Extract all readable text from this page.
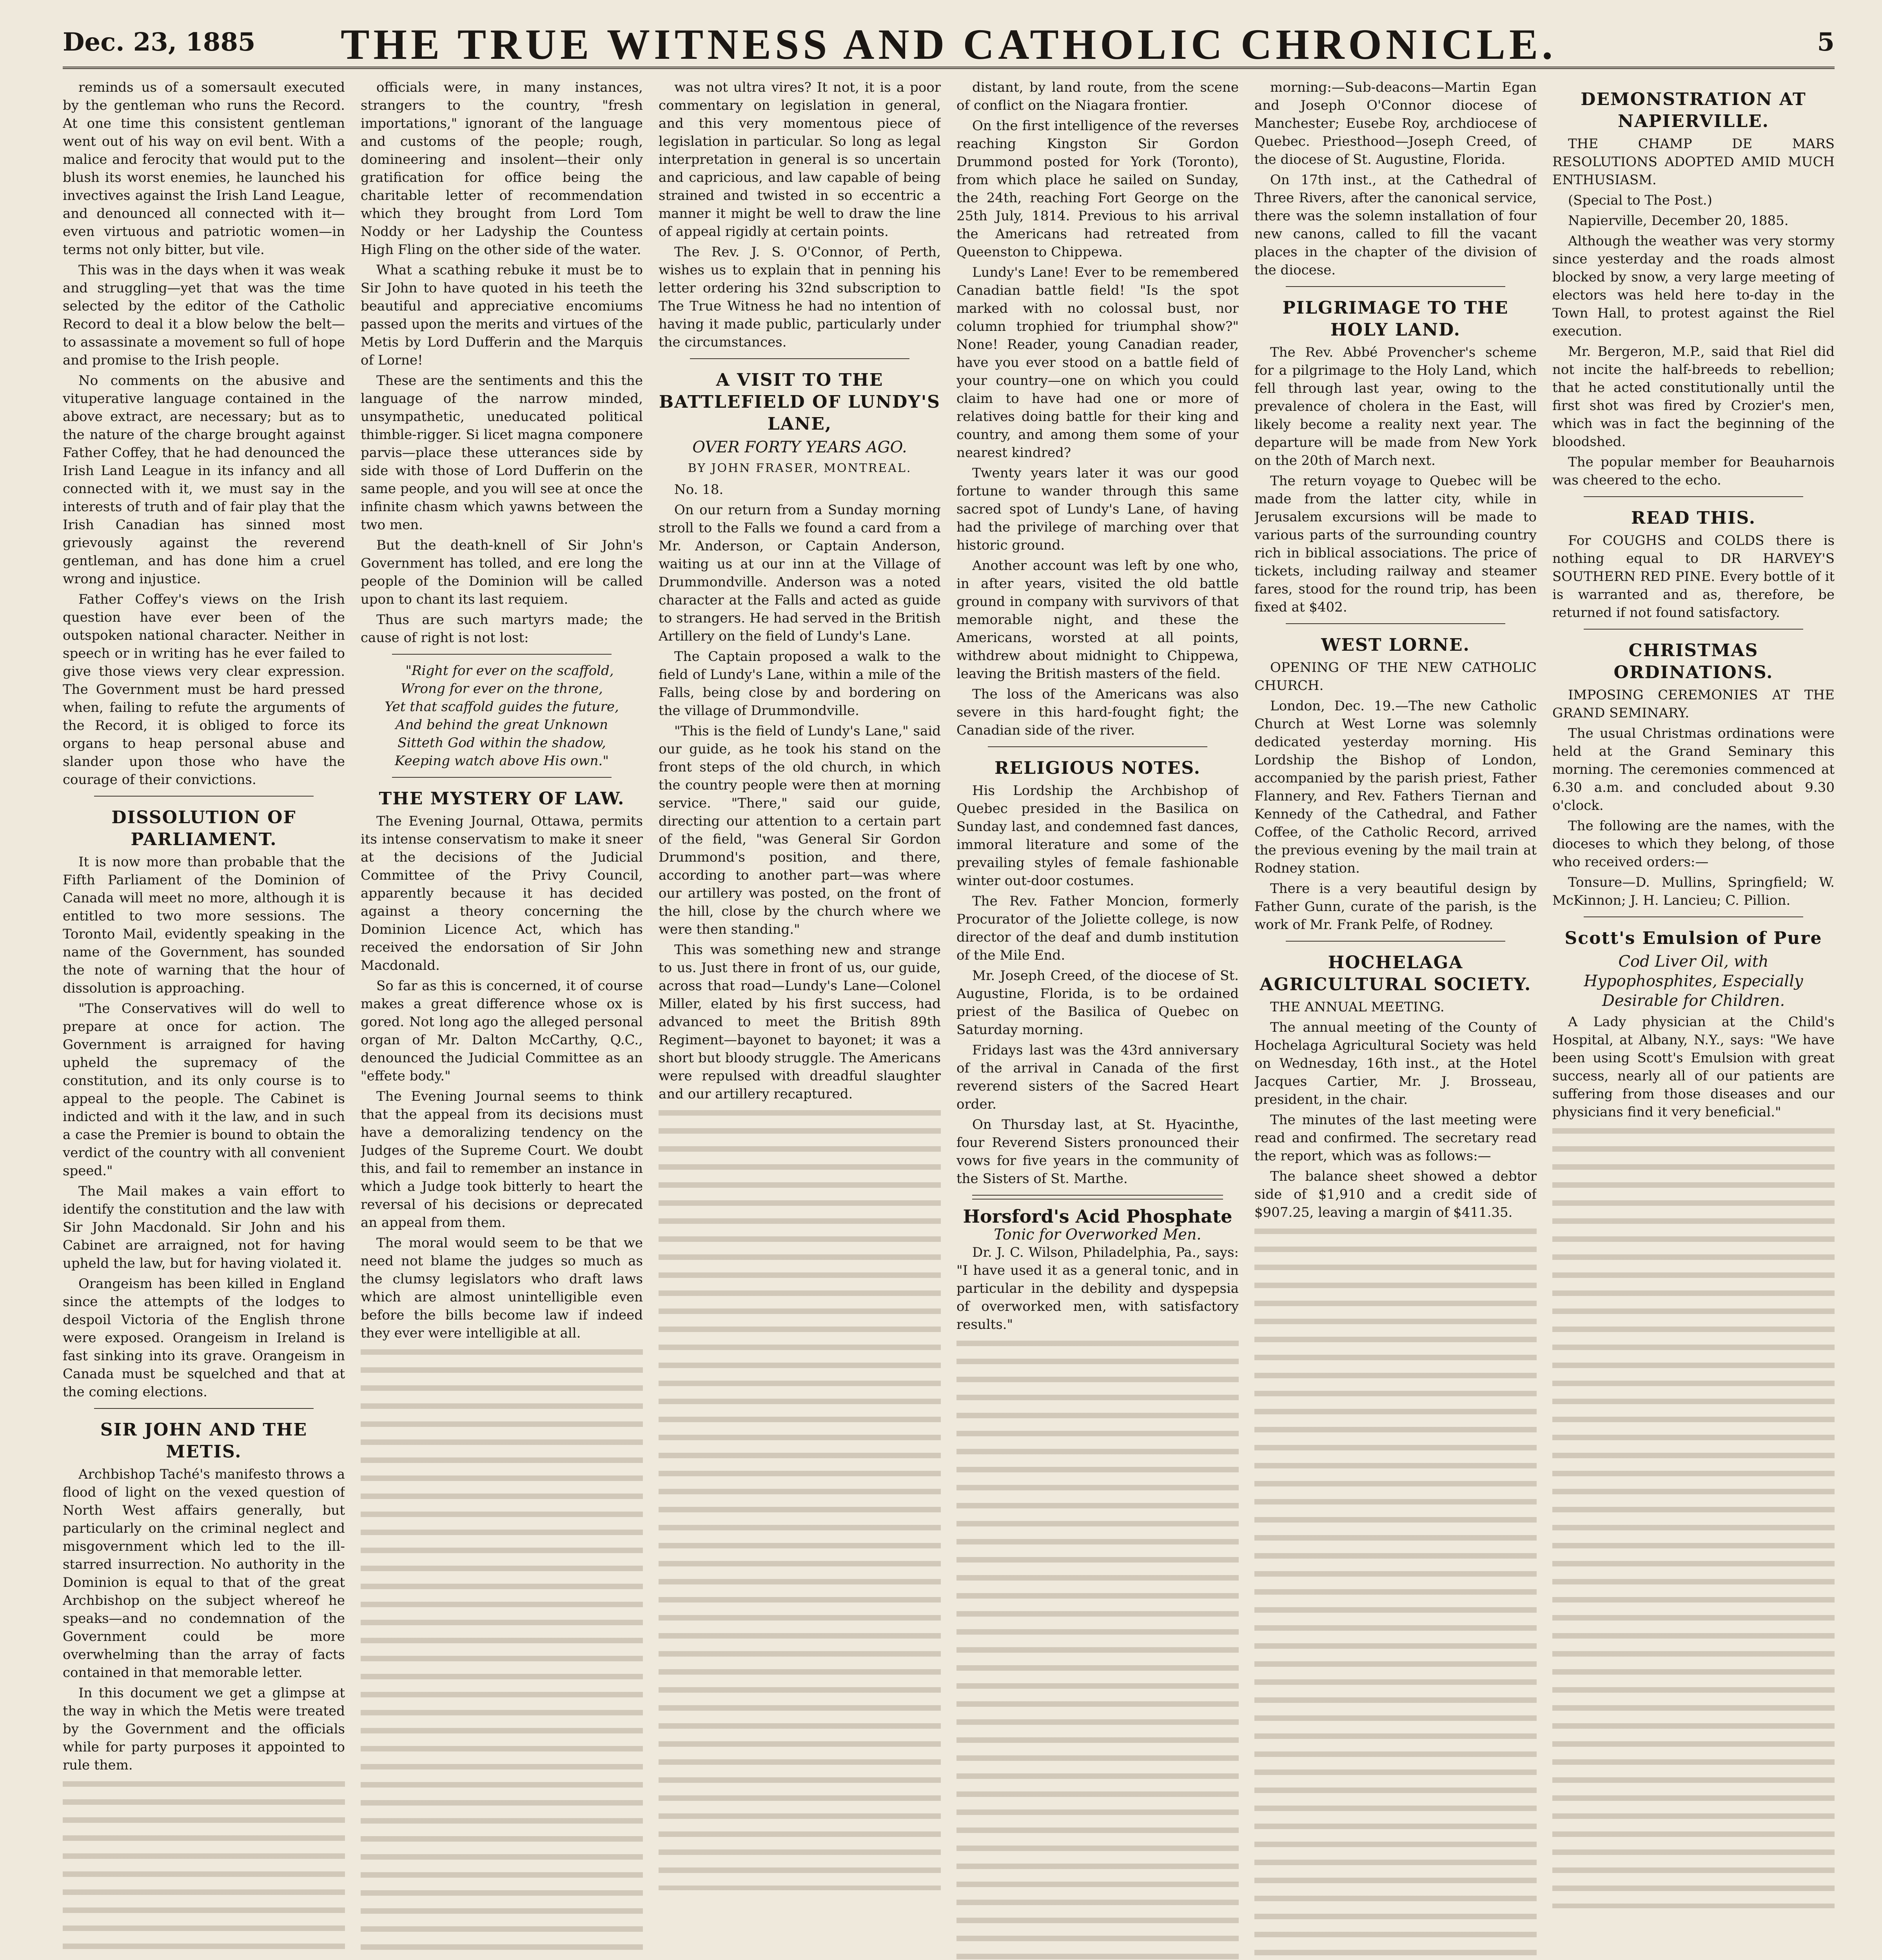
Dec. 23, 1885	THE TRUE WITNESS AND CATHOLIC CHRONICLE.	5

reminds us of a somersault executed by the gentleman who runs the Record. At one time this consistent gentleman went out of his way on evil bent. With a malice and ferocity that would put to the blush its worst enemies, he launched his invectives against the Irish Land League, and denounced all connected with it—even virtuous and patriotic women—in terms not only bitter, but vile.

This was in the days when it was weak and struggling—yet that was the time selected by the editor of the Catholic Record to deal it a blow below the belt—to assassinate a movement so full of hope and promise to the Irish people.

No comments on the abusive and vituperative language contained in the above extract, are necessary; but as to the nature of the charge brought against Father Coffey, that he had denounced the Irish Land League in its infancy and all connected with it, we must say in the interests of truth and of fair play that the Irish Canadian has sinned most grievously against the reverend gentleman, and has done him a cruel wrong and injustice.

Father Coffey's views on the Irish question have ever been of the outspoken national character. Neither in speech or in writing has he ever failed to give those views very clear expression. The Government must be hard pressed when, failing to refute the arguments of the Record, it is obliged to force its organs to heap personal abuse and slander upon those who have the courage of their convictions.

DISSOLUTION OF PARLIAMENT.

It is now more than probable that the Fifth Parliament of the Dominion of Canada will meet no more, although it is entitled to two more sessions. The Toronto Mail, evidently speaking in the name of the Government, has sounded the note of warning that the hour of dissolution is approaching.

"The Conservatives will do well to prepare at once for action. The Government is arraigned for having upheld the supremacy of the constitution, and its only course is to appeal to the people. The Cabinet is indicted and with it the law, and in such a case the Premier is bound to obtain the verdict of the country with all convenient speed."

The Mail makes a vain effort to identify the constitution and the law with Sir John Macdonald. Sir John and his Cabinet are arraigned, not for having upheld the law, but for having violated it.

Orangeism has been killed in England since the attempts of the lodges to despoil Victoria of the English throne were exposed. Orangeism in Ireland is fast sinking into its grave. Orangeism in Canada must be squelched and that at the coming elections.

SIR JOHN AND THE METIS.

Archbishop Taché's manifesto throws a flood of light on the vexed question of North West affairs generally, but particularly on the criminal neglect and misgovernment which led to the ill-starred insurrection. No authority in the Dominion is equal to that of the great Archbishop on the subject whereof he speaks—and no condemnation of the Government could be more overwhelming than the array of facts contained in that memorable letter.

In this document we get a glimpse at the way in which the Metis were treated by the Government and the officials while for party purposes it appointed to rule them.

officials were, in many instances, strangers to the country, "fresh importations," ignorant of the language and customs of the people; rough, domineering and insolent—their only gratification for office being the charitable letter of recommendation which they brought from Lord Tom Noddy or her Ladyship the Countess High Fling on the other side of the water.

What a scathing rebuke it must be to Sir John to have quoted in his teeth the beautiful and appreciative encomiums passed upon the merits and virtues of the Metis by Lord Dufferin and the Marquis of Lorne!

These are the sentiments and this the language of the narrow minded, unsympathetic, uneducated political thimble-rigger. Si licet magna componere parvis—place these utterances side by side with those of Lord Dufferin on the same people, and you will see at once the infinite chasm which yawns between the two men.

But the death-knell of Sir John's Government has tolled, and ere long the people of the Dominion will be called upon to chant its last requiem.

Thus are such martyrs made; the cause of right is not lost:

"Right for ever on the scaffold,
Wrong for ever on the throne,
Yet that scaffold guides the future,
And behind the great Unknown
Sitteth God within the shadow,
Keeping watch above His own."

THE MYSTERY OF LAW.

The Evening Journal, Ottawa, permits its intense conservatism to make it sneer at the decisions of the Judicial Committee of the Privy Council, apparently because it has decided against a theory concerning the Dominion Licence Act, which has received the endorsation of Sir John Macdonald.

So far as this is concerned, it of course makes a great difference whose ox is gored. Not long ago the alleged personal organ of Mr. Dalton McCarthy, Q.C., denounced the Judicial Committee as an "effete body."

The Evening Journal seems to think that the appeal from its decisions must have a demoralizing tendency on the Judges of the Supreme Court. We doubt this, and fail to remember an instance in which a Judge took bitterly to heart the reversal of his decisions or deprecated an appeal from them.

The moral would seem to be that we need not blame the judges so much as the clumsy legislators who draft laws which are almost unintelligible even before the bills become law if indeed they ever were intelligible at all.

was not ultra vires? It not, it is a poor commentary on legislation in general, and this very momentous piece of legislation in particular. So long as legal interpretation in general is so uncertain and capricious, and law capable of being strained and twisted in so eccentric a manner it might be well to draw the line of appeal rigidly at certain points.

The Rev. J. S. O'Connor, of Perth, wishes us to explain that in penning his letter ordering his 32nd subscription to The True Witness he had no intention of having it made public, particularly under the circumstances.

A VISIT TO THE BATTLEFIELD OF LUNDY'S LANE,
OVER FORTY YEARS AGO.
BY JOHN FRASER, MONTREAL.

No. 18.

On our return from a Sunday morning stroll to the Falls we found a card from a Mr. Anderson, or Captain Anderson, waiting us at our inn at the Village of Drummondville. Anderson was a noted character at the Falls and acted as guide to strangers. He had served in the British Artillery on the field of Lundy's Lane.

The Captain proposed a walk to the field of Lundy's Lane, within a mile of the Falls, being close by and bordering on the village of Drummondville.

"This is the field of Lundy's Lane," said our guide, as he took his stand on the front steps of the old church, in which the country people were then at morning service. "There," said our guide, directing our attention to a certain part of the field, "was General Sir Gordon Drummond's position, and there, according to another part—was where our artillery was posted, on the front of the hill, close by the church where we were then standing."

This was something new and strange to us. Just there in front of us, our guide, across that road—Lundy's Lane—Colonel Miller, elated by his first success, had advanced to meet the British 89th Regiment—bayonet to bayonet; it was a short but bloody struggle. The Americans were repulsed with dreadful slaughter and our artillery recaptured.

distant, by land route, from the scene of conflict on the Niagara frontier.

On the first intelligence of the reverses reaching Kingston Sir Gordon Drummond posted for York (Toronto), from which place he sailed on Sunday, the 24th, reaching Fort George on the 25th July, 1814. Previous to his arrival the Americans had retreated from Queenston to Chippewa.

Lundy's Lane! Ever to be remembered Canadian battle field! "Is the spot marked with no colossal bust, nor column trophied for triumphal show?" None! Reader, young Canadian reader, have you ever stood on a battle field of your country—one on which you could claim to have had one or more of relatives doing battle for their king and country, and among them some of your nearest kindred?

Twenty years later it was our good fortune to wander through this same sacred spot of Lundy's Lane, of having had the privilege of marching over that historic ground.

Another account was left by one who, in after years, visited the old battle ground in company with survivors of that memorable night, and these the Americans, worsted at all points, withdrew about midnight to Chippewa, leaving the British masters of the field.

The loss of the Americans was also severe in this hard-fought fight; the Canadian side of the river.

RELIGIOUS NOTES.

His Lordship the Archbishop of Quebec presided in the Basilica on Sunday last, and condemned fast dances, immoral literature and some of the prevailing styles of female fashionable winter out-door costumes.

The Rev. Father Moncion, formerly Procurator of the Joliette college, is now director of the deaf and dumb institution of the Mile End.

Mr. Joseph Creed, of the diocese of St. Augustine, Florida, is to be ordained priest of the Basilica of Quebec on Saturday morning.

Fridays last was the 43rd anniversary of the arrival in Canada of the first reverend sisters of the Sacred Heart order.

On Thursday last, at St. Hyacinthe, four Reverend Sisters pronounced their vows for five years in the community of the Sisters of St. Marthe.

Horsford's Acid Phosphate
Tonic for Overworked Men.

Dr. J. C. Wilson, Philadelphia, Pa., says: "I have used it as a general tonic, and in particular in the debility and dyspepsia of overworked men, with satisfactory results."

morning:—Sub-deacons—Martin Egan and Joseph O'Connor diocese of Manchester; Eusebe Roy, archdiocese of Quebec. Priesthood—Joseph Creed, of the diocese of St. Augustine, Florida.

On 17th inst., at the Cathedral of Three Rivers, after the canonical service, there was the solemn installation of four new canons, called to fill the vacant places in the chapter of the division of the diocese.

PILGRIMAGE TO THE HOLY LAND.

The Rev. Abbé Provencher's scheme for a pilgrimage to the Holy Land, which fell through last year, owing to the prevalence of cholera in the East, will likely become a reality next year. The departure will be made from New York on the 20th of March next.

The return voyage to Quebec will be made from the latter city, while in Jerusalem excursions will be made to various parts of the surrounding country rich in biblical associations. The price of tickets, including railway and steamer fares, stood for the round trip, has been fixed at $402.

WEST LORNE.

OPENING OF THE NEW CATHOLIC CHURCH.

London, Dec. 19.—The new Catholic Church at West Lorne was solemnly dedicated yesterday morning. His Lordship the Bishop of London, accompanied by the parish priest, Father Flannery, and Rev. Fathers Tiernan and Kennedy of the Cathedral, and Father Coffee, of the Catholic Record, arrived the previous evening by the mail train at Rodney station.

There is a very beautiful design by Father Gunn, curate of the parish, is the work of Mr. Frank Pelfe, of Rodney.

HOCHELAGA AGRICULTURAL SOCIETY.

THE ANNUAL MEETING.

The annual meeting of the County of Hochelaga Agricultural Society was held on Wednesday, 16th inst., at the Hotel Jacques Cartier, Mr. J. Brosseau, president, in the chair.

The minutes of the last meeting were read and confirmed. The secretary read the report, which was as follows:—

The balance sheet showed a debtor side of $1,910 and a credit side of $907.25, leaving a margin of $411.35.

DEMONSTRATION AT NAPIERVILLE.

THE CHAMP DE MARS RESOLUTIONS ADOPTED AMID MUCH ENTHUSIASM.

(Special to The Post.)

Napierville, December 20, 1885.

Although the weather was very stormy since yesterday and the roads almost blocked by snow, a very large meeting of electors was held here to-day in the Town Hall, to protest against the Riel execution.

Mr. Bergeron, M.P., said that Riel did not incite the half-breeds to rebellion; that he acted constitutionally until the first shot was fired by Crozier's men, which was in fact the beginning of the bloodshed.

The popular member for Beauharnois was cheered to the echo.

READ THIS.

For COUGHS and COLDS there is nothing equal to DR HARVEY'S SOUTHERN RED PINE. Every bottle of it is warranted and as, therefore, be returned if not found satisfactory.

CHRISTMAS ORDINATIONS.

IMPOSING CEREMONIES AT THE GRAND SEMINARY.

The usual Christmas ordinations were held at the Grand Seminary this morning. The ceremonies commenced at 6.30 a.m. and concluded about 9.30 o'clock.

The following are the names, with the dioceses to which they belong, of those who received orders:—

Tonsure—D. Mullins, Springfield; W. McKinnon; J. H. Lancieu; C. Pillion.

Scott's Emulsion of Pure
Cod Liver Oil, with Hypophosphites, Especially Desirable for Children.

A Lady physician at the Child's Hospital, at Albany, N.Y., says: "We have been using Scott's Emulsion with great success, nearly all of our patients are suffering from those diseases and our physicians find it very beneficial."
